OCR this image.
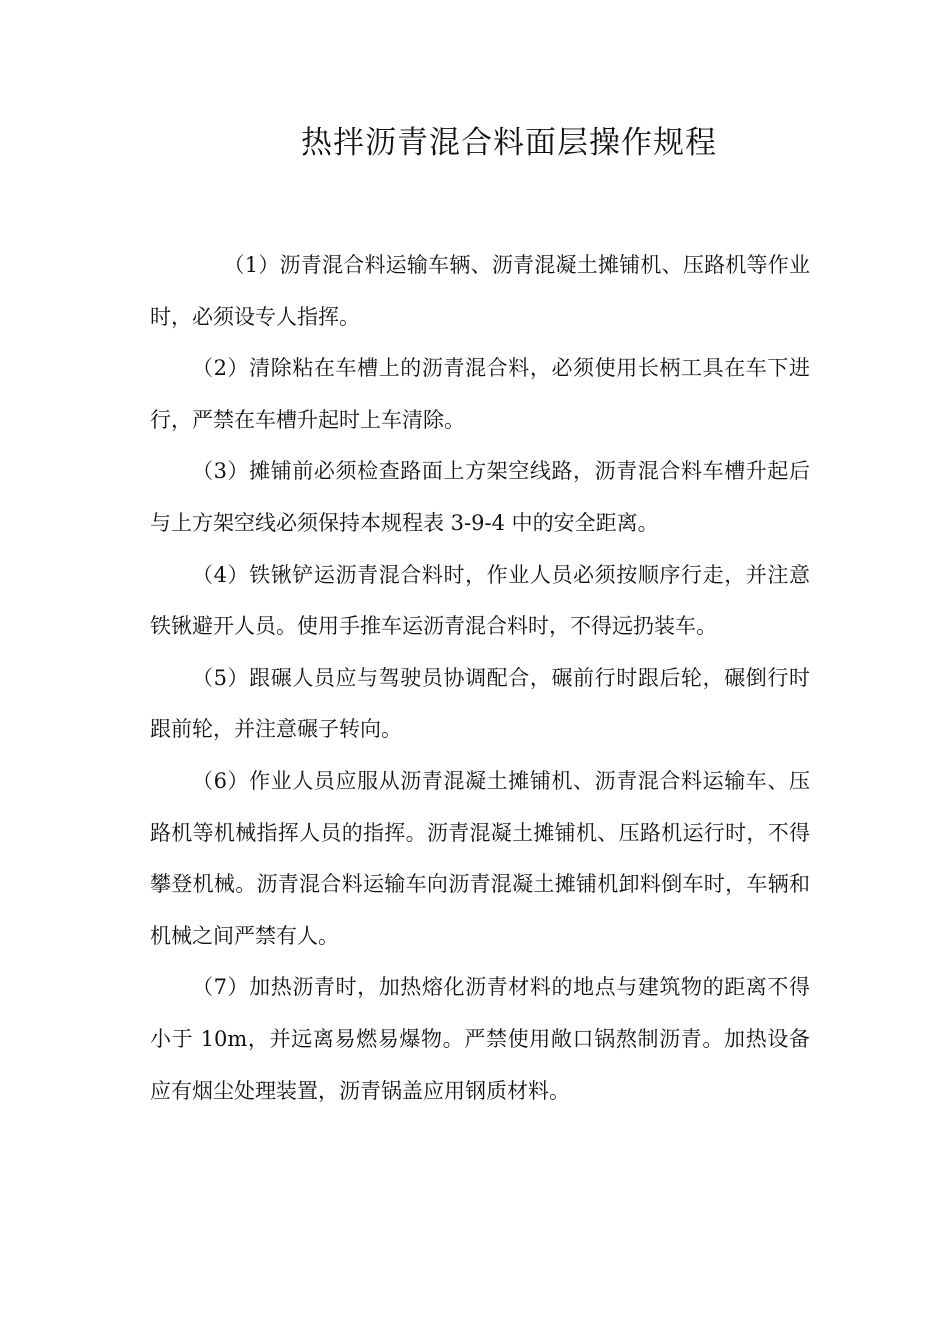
热拌沥青混合料面层操作规程

（1）沥青混合料运输车辆、沥青混凝土摊铺机、压路机等作业时，必须设专人指挥。

（2）清除粘在车槽上的沥青混合料，必须使用长柄工具在车下进行，严禁在车槽升起时上车清除。

（3）摊铺前必须检查路面上方架空线路，沥青混合料车槽升起后与上方架空线必须保持本规程表 3-9-4 中的安全距离。

（4）铁锹铲运沥青混合料时，作业人员必须按顺序行走，并注意铁锹避开人员。使用手推车运沥青混合料时，不得远扔装车。

（5）跟碾人员应与驾驶员协调配合，碾前行时跟后轮，碾倒行时跟前轮，并注意碾子转向。

（6）作业人员应服从沥青混凝土摊铺机、沥青混合料运输车、压路机等机械指挥人员的指挥。沥青混凝土摊铺机、压路机运行时，不得攀登机械。沥青混合料运输车向沥青混凝土摊铺机卸料倒车时，车辆和机械之间严禁有人。

（7）加热沥青时，加热熔化沥青材料的地点与建筑物的距离不得小于 10m，并远离易燃易爆物。严禁使用敞口锅熬制沥青。加热设备应有烟尘处理装置，沥青锅盖应用钢质材料。
